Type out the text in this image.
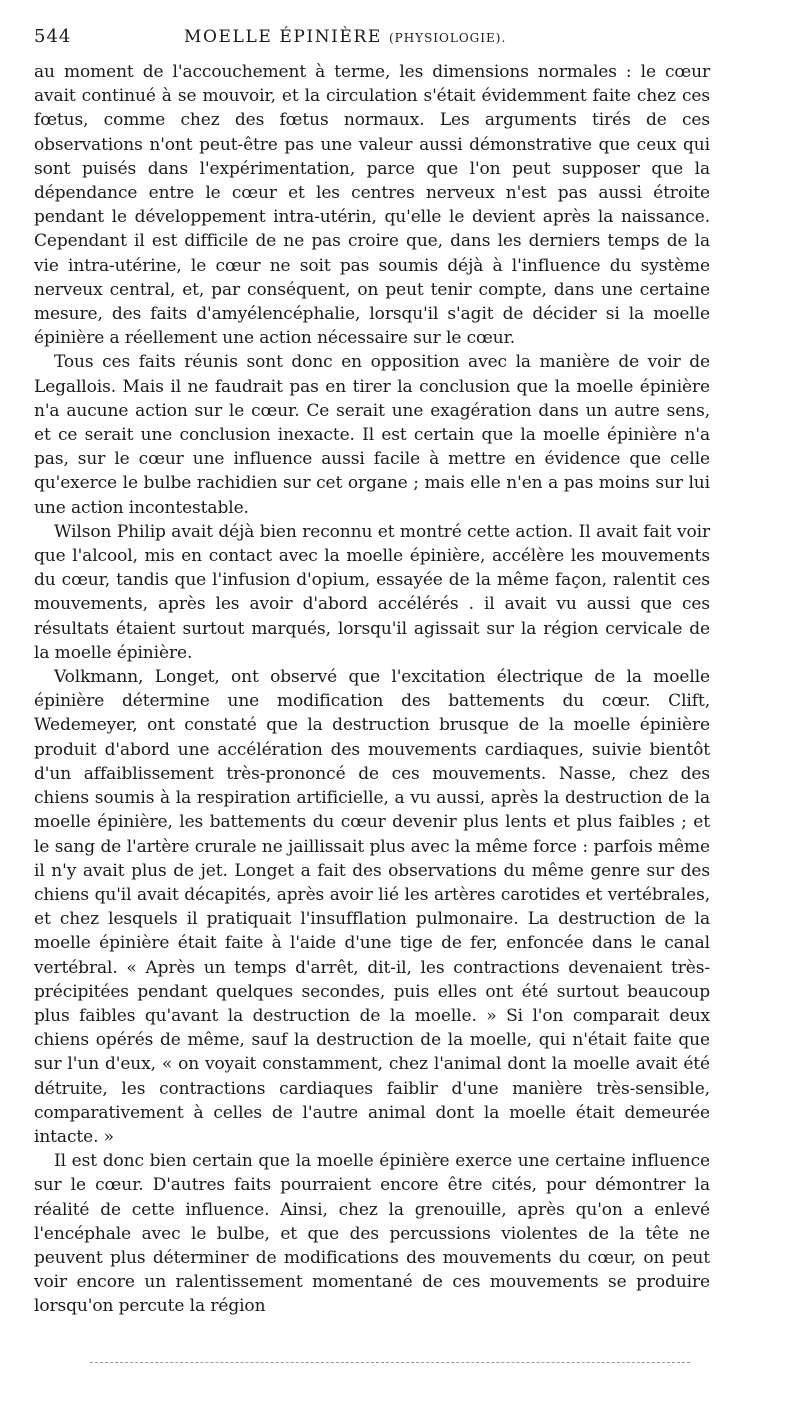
544	MOELLE ÉPINIÈRE (PHYSIOLOGIE).

au moment de l'accouchement à terme, les dimensions normales : le cœur avait continué à se mouvoir, et la circulation s'était évidemment faite chez ces fœtus, comme chez des fœtus normaux. Les arguments tirés de ces observations n'ont peut-être pas une valeur aussi démonstrative que ceux qui sont puisés dans l'expérimentation, parce que l'on peut supposer que la dépendance entre le cœur et les centres nerveux n'est pas aussi étroite pendant le développement intra-utérin, qu'elle le devient après la naissance. Cependant il est difficile de ne pas croire que, dans les derniers temps de la vie intra-utérine, le cœur ne soit pas soumis déjà à l'influence du système nerveux central, et, par conséquent, on peut tenir compte, dans une certaine mesure, des faits d'amyélencéphalie, lorsqu'il s'agit de décider si la moelle épinière a réellement une action nécessaire sur le cœur.

Tous ces faits réunis sont donc en opposition avec la manière de voir de Legallois. Mais il ne faudrait pas en tirer la conclusion que la moelle épinière n'a aucune action sur le cœur. Ce serait une exagération dans un autre sens, et ce serait une conclusion inexacte. Il est certain que la moelle épinière n'a pas, sur le cœur une influence aussi facile à mettre en évidence que celle qu'exerce le bulbe rachidien sur cet organe ; mais elle n'en a pas moins sur lui une action incontestable.

Wilson Philip avait déjà bien reconnu et montré cette action. Il avait fait voir que l'alcool, mis en contact avec la moelle épinière, accélère les mouvements du cœur, tandis que l'infusion d'opium, essayée de la même façon, ralentit ces mouvements, après les avoir d'abord accélérés . il avait vu aussi que ces résultats étaient surtout marqués, lorsqu'il agissait sur la région cervicale de la moelle épinière.

Volkmann, Longet, ont observé que l'excitation électrique de la moelle épinière détermine une modification des battements du cœur. Clift, Wedemeyer, ont constaté que la destruction brusque de la moelle épinière produit d'abord une accélération des mouvements cardiaques, suivie bientôt d'un affaiblissement très-prononcé de ces mouvements. Nasse, chez des chiens soumis à la respiration artificielle, a vu aussi, après la destruction de la moelle épinière, les battements du cœur devenir plus lents et plus faibles ; et le sang de l'artère crurale ne jaillissait plus avec la même force : parfois même il n'y avait plus de jet. Longet a fait des observations du même genre sur des chiens qu'il avait décapités, après avoir lié les artères carotides et vertébrales, et chez lesquels il pratiquait l'insufflation pulmonaire. La destruction de la moelle épinière était faite à l'aide d'une tige de fer, enfoncée dans le canal vertébral. « Après un temps d'arrêt, dit-il, les contractions devenaient très-précipitées pendant quelques secondes, puis elles ont été surtout beaucoup plus faibles qu'avant la destruction de la moelle. » Si l'on comparait deux chiens opérés de même, sauf la destruction de la moelle, qui n'était faite que sur l'un d'eux, « on voyait constamment, chez l'animal dont la moelle avait été détruite, les contractions cardiaques faiblir d'une manière très-sensible, comparativement à celles de l'autre animal dont la moelle était demeurée intacte. »

Il est donc bien certain que la moelle épinière exerce une certaine influence sur le cœur. D'autres faits pourraient encore être cités, pour démontrer la réalité de cette influence. Ainsi, chez la grenouille, après qu'on a enlevé l'encéphale avec le bulbe, et que des percussions violentes de la tête ne peuvent plus déterminer de modifications des mouvements du cœur, on peut voir encore un ralentissement momentané de ces mouvements se produire lorsqu'on percute la région
